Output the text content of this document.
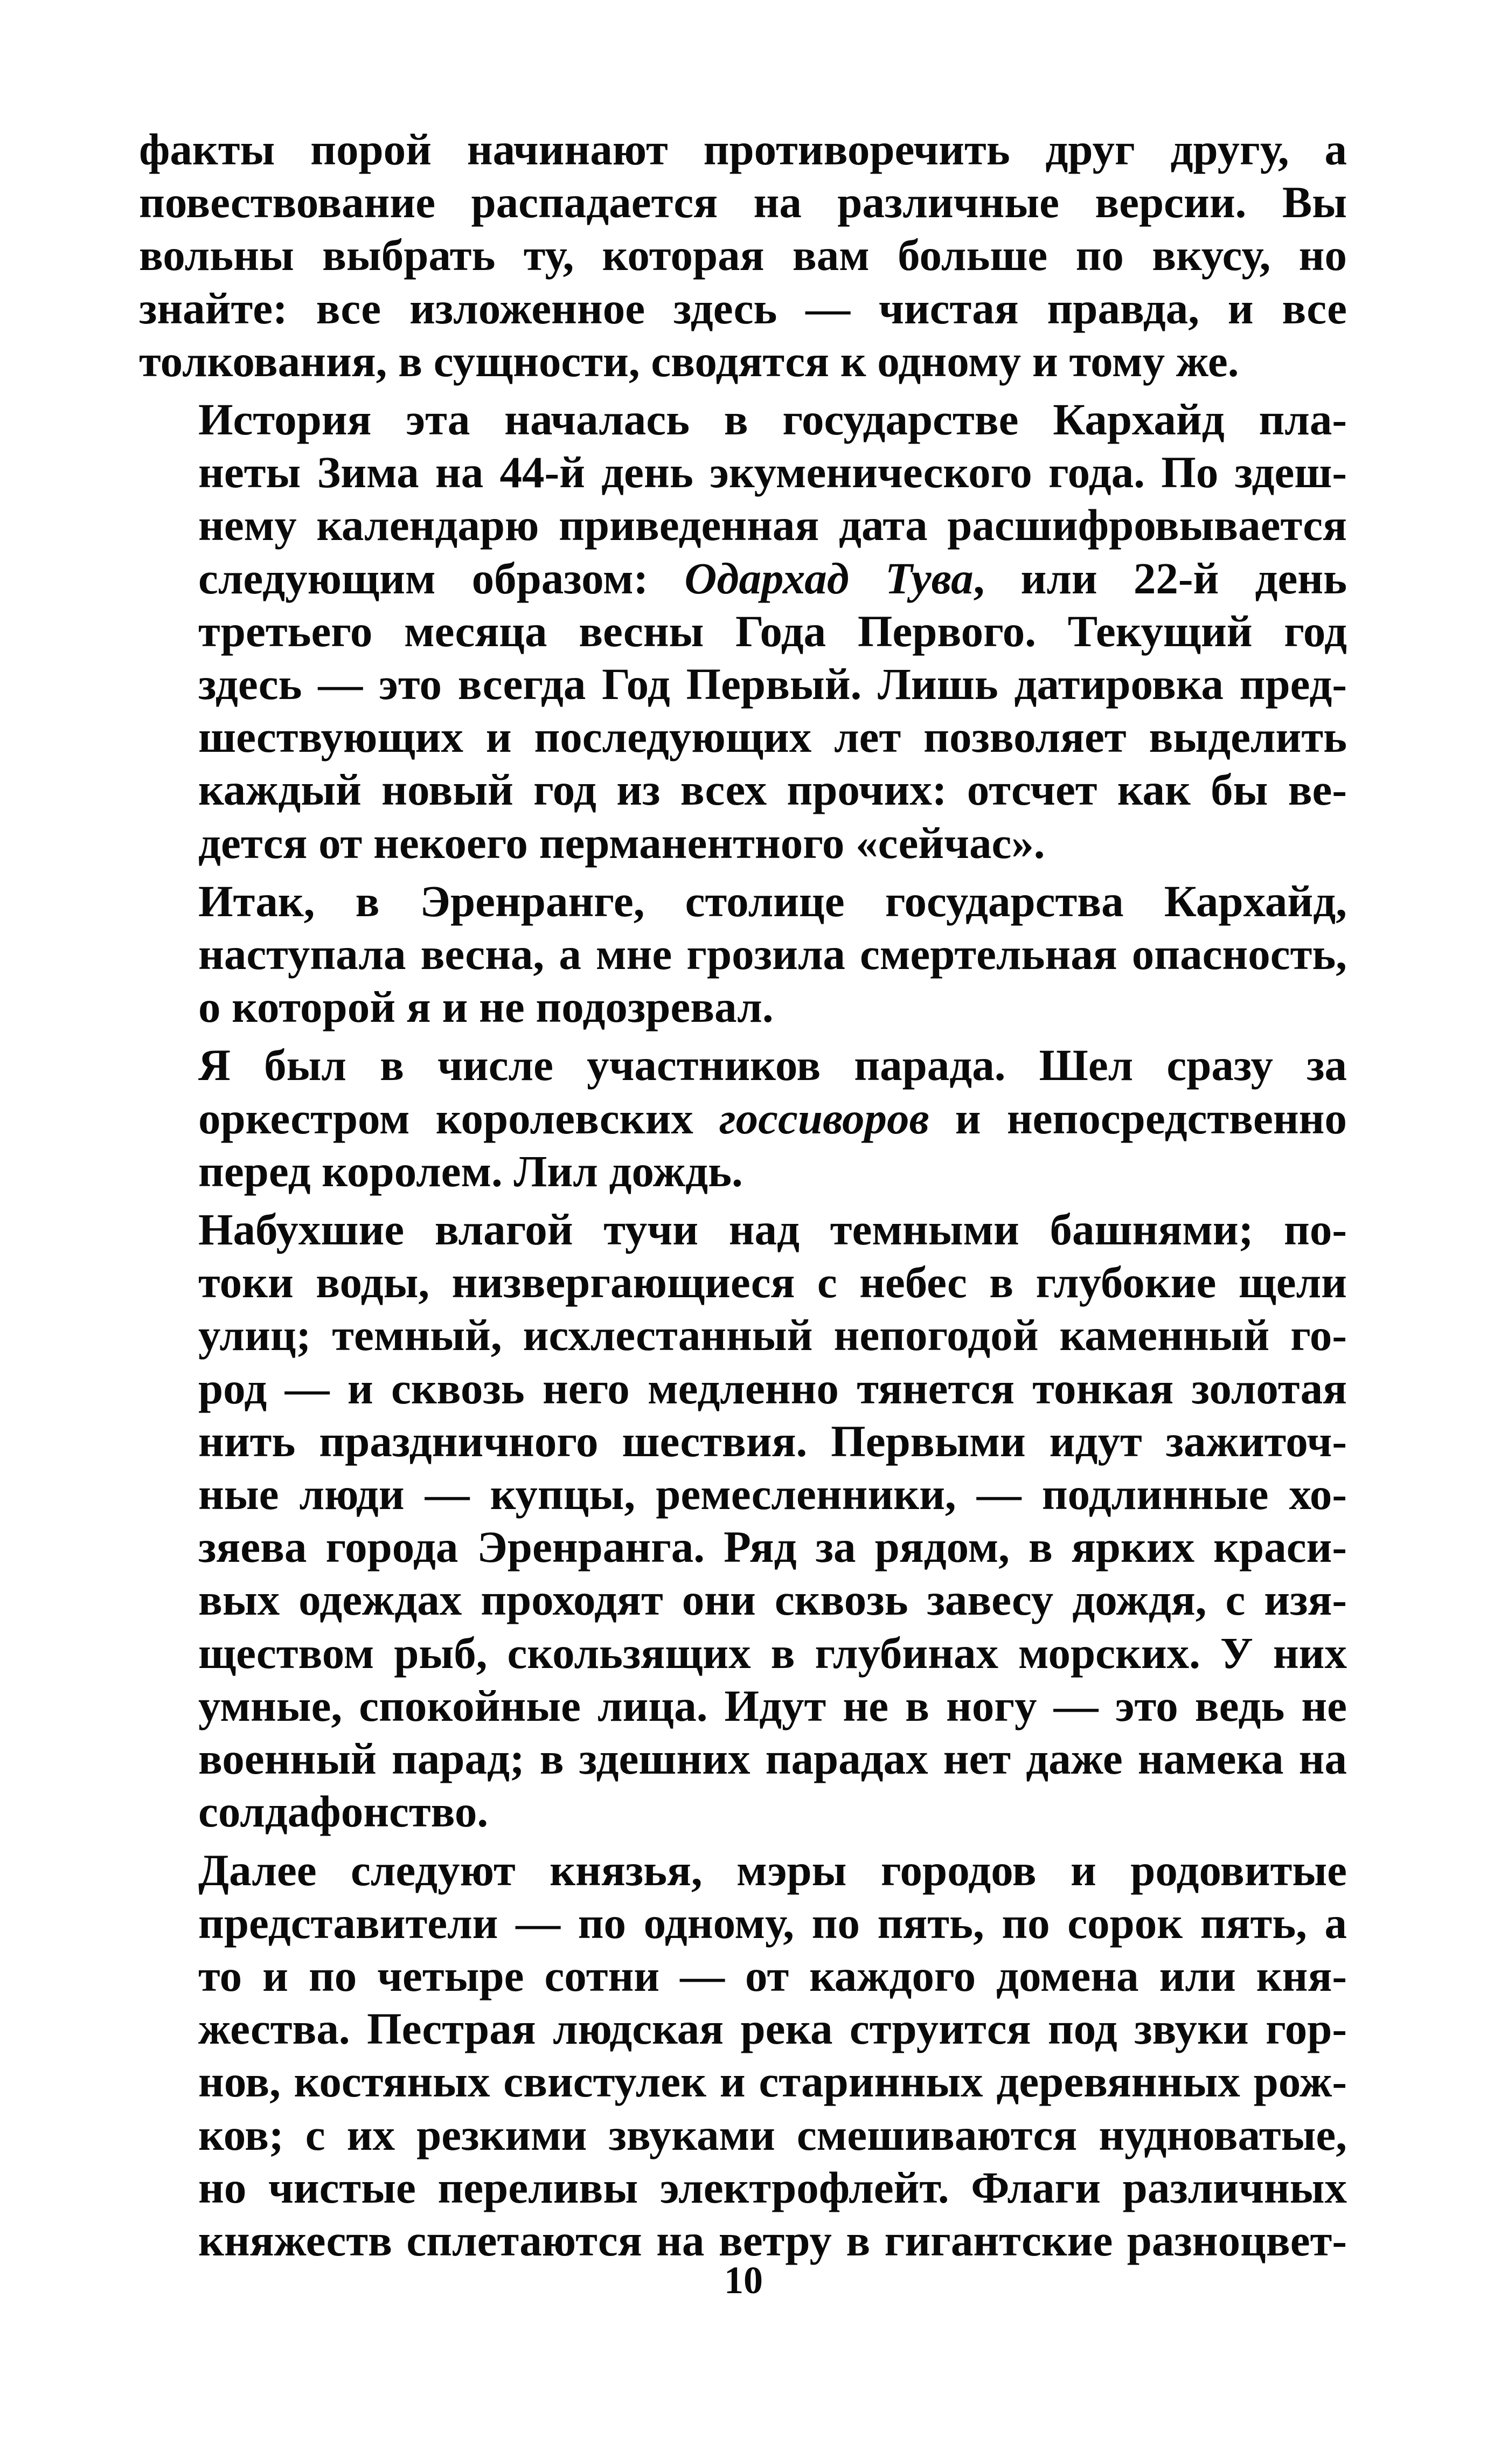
факты порой начинают противоречить друг другу, а
повествование распадается на различные версии. Вы
вольны выбрать ту, которая вам больше по вкусу, но
знайте: все изложенное здесь — чистая правда, и все
толкования, в сущности, сводятся к одному и тому же.
История эта началась в государстве Кархайд пла-
неты Зима на 44-й день экуменического года. По здеш-
нему календарю приведенная дата расшифровывается
следующим образом: Одархад Тува, или 22-й день
третьего месяца весны Года Первого. Текущий год
здесь — это всегда Год Первый. Лишь датировка пред-
шествующих и последующих лет позволяет выделить
каждый новый год из всех прочих: отсчет как бы ве-
дется от некоего перманентного «сейчас».
Итак, в Эренранге, столице государства Кархайд,
наступала весна, а мне грозила смертельная опасность,
о которой я и не подозревал.
Я был в числе участников парада. Шел сразу за
оркестром королевских госсиворов и непосредственно
перед королем. Лил дождь.
Набухшие влагой тучи над темными башнями; по-
токи воды, низвергающиеся с небес в глубокие щели
улиц; темный, исхлестанный непогодой каменный го-
род — и сквозь него медленно тянется тонкая золотая
нить праздничного шествия. Первыми идут зажиточ-
ные люди — купцы, ремесленники, — подлинные хо-
зяева города Эренранга. Ряд за рядом, в ярких краси-
вых одеждах проходят они сквозь завесу дождя, с изя-
ществом рыб, скользящих в глубинах морских. У них
умные, спокойные лица. Идут не в ногу — это ведь не
военный парад; в здешних парадах нет даже намека на
солдафонство.
Далее следуют князья, мэры городов и родовитые
представители — по одному, по пять, по сорок пять, а
то и по четыре сотни — от каждого домена или кня-
жества. Пестрая людская река струится под звуки гор-
нов, костяных свистулек и старинных деревянных рож-
ков; с их резкими звуками смешиваются нудноватые,
но чистые переливы электрофлейт. Флаги различных
княжеств сплетаются на ветру в гигантские разноцвет-
10
